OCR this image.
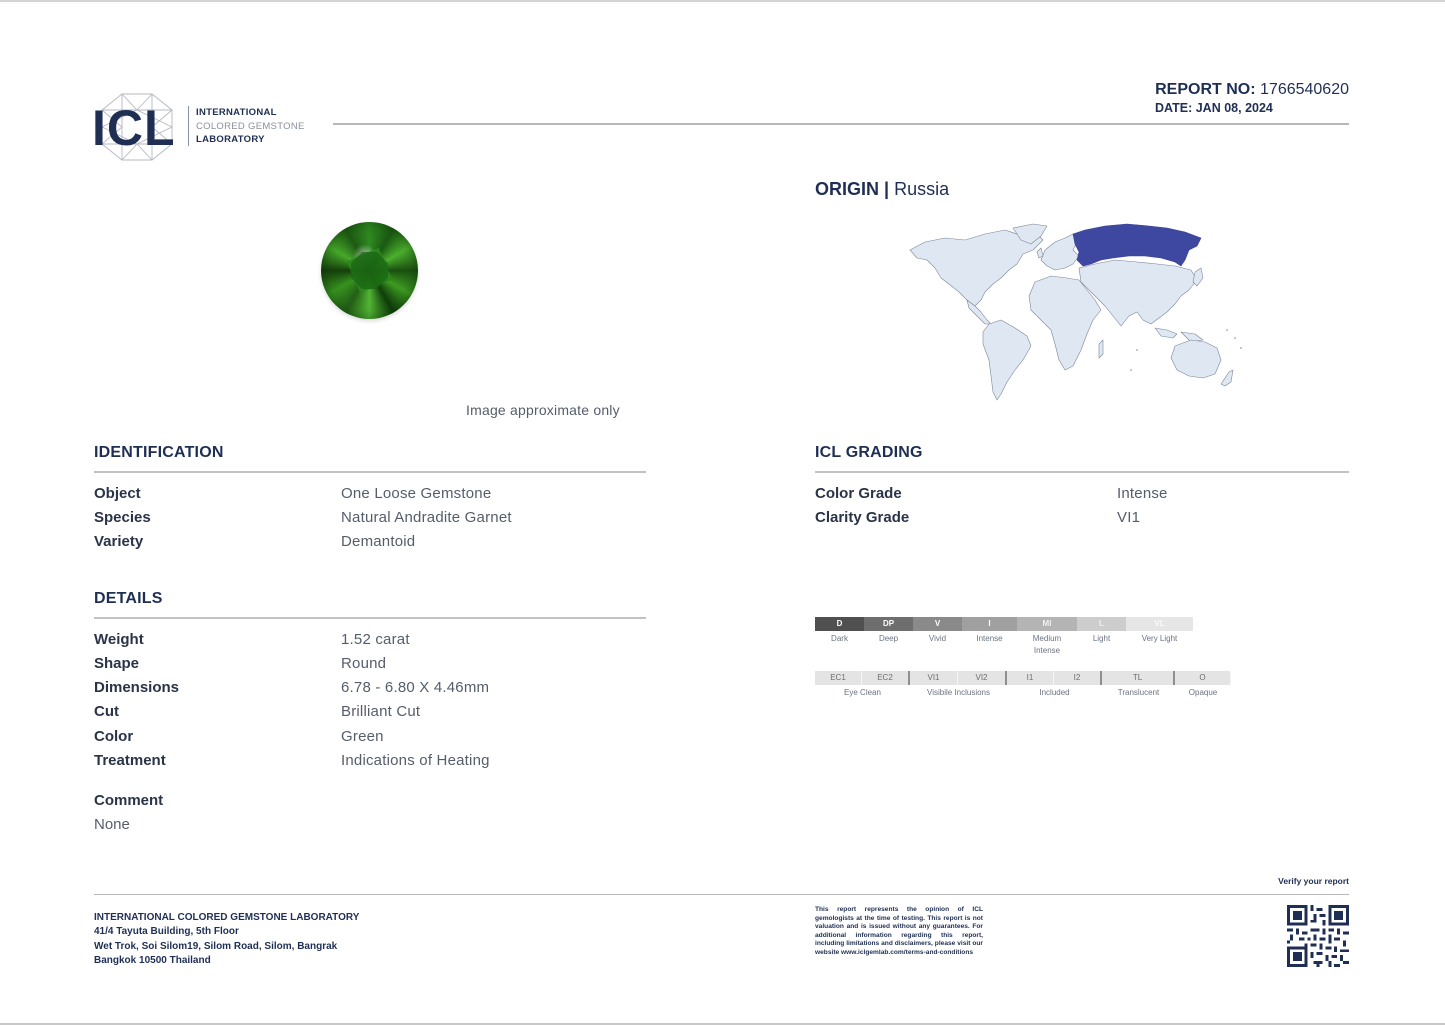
ICL INTERNATIONAL
COLORED GEMSTONE
LABORATORY
REPORT NO: 1766540620
DATE: JAN 08, 2024
Image approximate only
ORIGIN | Russia
IDENTIFICATION
Object	One Loose Gemstone
Species	Natural Andradite Garnet
Variety	Demantoid
DETAILS
Weight	1.52 carat
Shape	Round
Dimensions	6.78 - 6.80 X 4.46mm
Cut	Brilliant Cut
Color	Green
Treatment	Indications of Heating
Comment
None
ICL GRADING
Color Grade	Intense
Clarity Grade	VI1
D	DP	V	I	MI	L	VL
Dark	Deep	Vivid	Intense	Medium Intense
Light	Very Light
EC1	EC2	VI1	VI2	I1	I2	TL	O
Eye Clean	Visibile Inclusions	Included	Translucent	Opaque
Verify your report
INTERNATIONAL COLORED GEMSTONE LABORATORY
41/4 Tayuta Building, 5th Floor
Wet Trok, Soi Silom19, Silom Road, Silom, Bangrak
Bangkok 10500 Thailand
This report represents the opinion of ICL gemologists at the time of testing. This report is not valuation and is issued without any guarantees. For additional information regarding this report, including limitations and disclaimers, please visit our website www.iclgemlab.com/terms-and-conditions
